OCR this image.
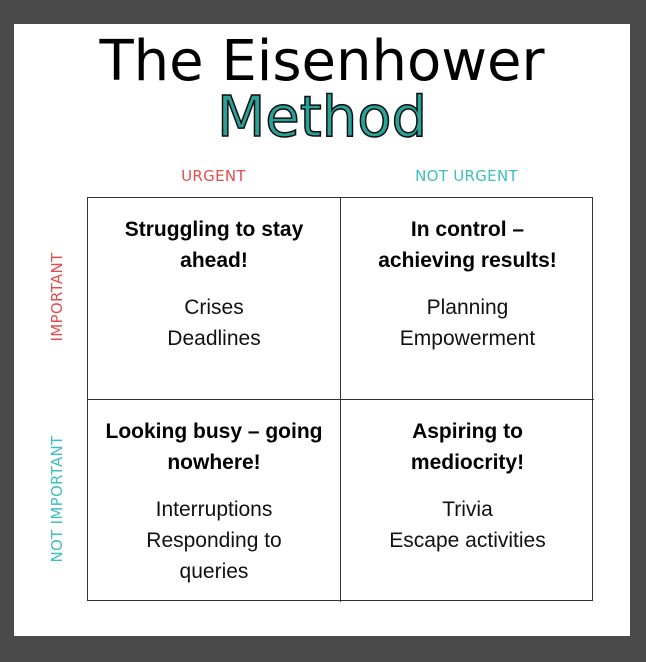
The Eisenhower
Method
URGENT	NOT URGENT
IMPORTANT
NOT IMPORTANT
Struggling to stay
ahead!
Crises
Deadlines
In control –
achieving results!
Planning
Empowerment
Looking busy – going
nowhere!
Interruptions
Responding to
queries
Aspiring to
mediocrity!
Trivia
Escape activities
